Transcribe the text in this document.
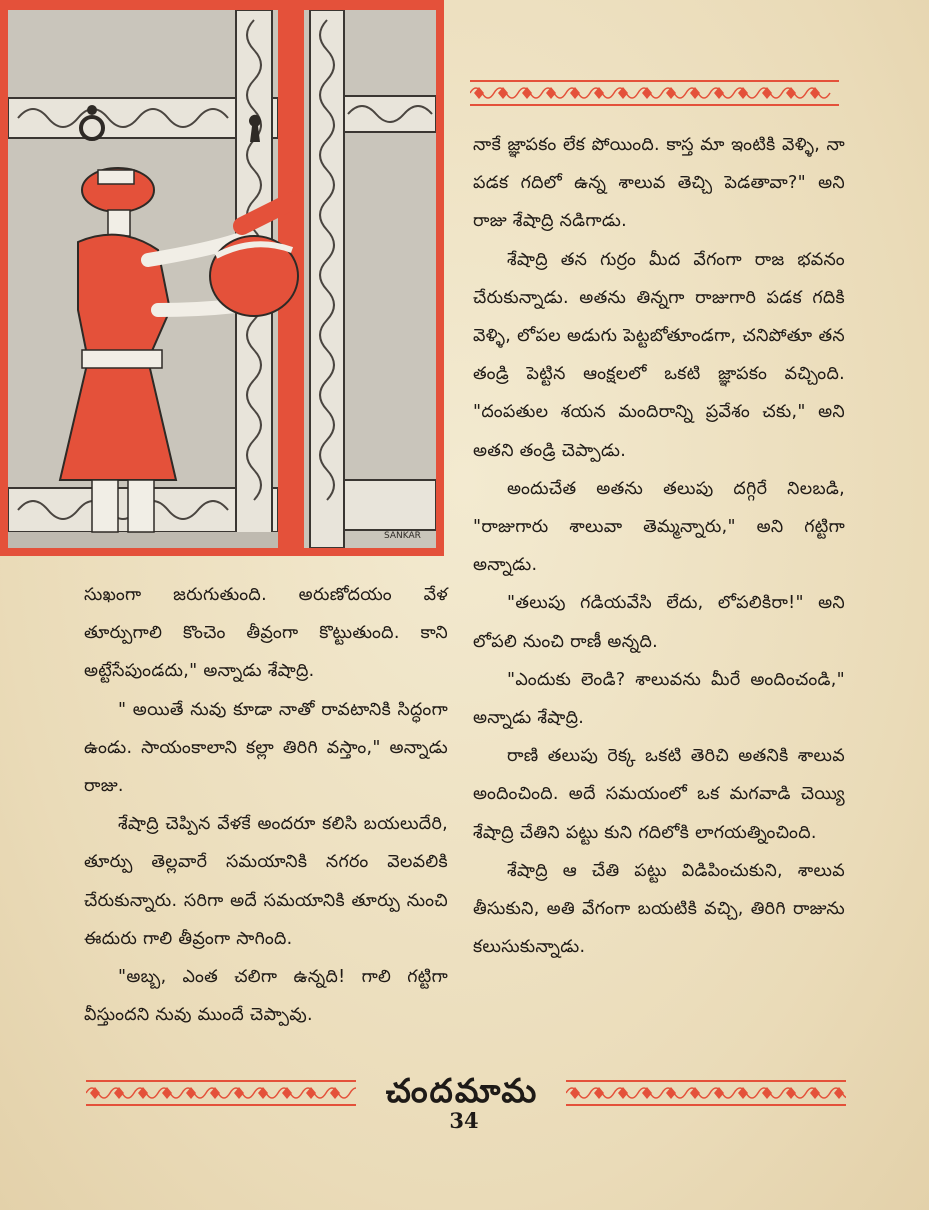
SANKAR

సుఖంగా జరుగుతుంది. అరుణోదయం వేళ తూర్పుగాలి కొంచెం తీవ్రంగా కొట్టుతుంది. కాని అట్టేసేపుండదు," అన్నాడు శేషాద్రి.

" అయితే నువు కూడా నాతో రావటానికి సిద్ధంగా ఉండు. సాయంకాలాని కల్లా తిరిగి వస్తాం," అన్నాడు రాజు.

శేషాద్రి చెప్పిన వేళకే అందరూ కలిసి బయలుదేరి, తూర్పు తెల్లవారే సమయానికి నగరం వెలవలికి చేరుకున్నారు. సరిగా అదే సమయానికి తూర్పు నుంచి ఈదురు గాలి తీవ్రంగా సాగింది.

"అబ్బ, ఎంత చలిగా ఉన్నది! గాలి గట్టిగా వీస్తుందని నువు ముందే చెప్పావు.

నాకే జ్ఞాపకం లేక పోయింది. కాస్త మా ఇంటికి వెళ్ళి, నా పడక గదిలో ఉన్న శాలువ తెచ్చి పెడతావా?" అని రాజు శేషాద్రి నడిగాడు.

శేషాద్రి తన గుర్రం మీద వేగంగా రాజ భవనం చేరుకున్నాడు. అతను తిన్నగా రాజుగారి పడక గదికి వెళ్ళి, లోపల అడుగు పెట్టబోతూండగా, చనిపోతూ తన తండ్రి పెట్టిన ఆంక్షలలో ఒకటి జ్ఞాపకం వచ్చింది. "దంపతుల శయన మందిరాన్ని ప్రవేశం చకు," అని అతని తండ్రి చెప్పాడు.

అందుచేత అతను తలుపు దగ్గిరే నిలబడి, "రాజుగారు శాలువా తెమ్మన్నారు," అని గట్టిగా అన్నాడు.

"తలుపు గడియవేసి లేదు, లోపలికిరా!" అని లోపలి నుంచి రాణీ అన్నది.

"ఎందుకు లెండి? శాలువను మీరే అందించండి," అన్నాడు శేషాద్రి.

రాణి తలుపు రెక్క ఒకటి తెరిచి అతనికి శాలువ అందించింది. అదే సమయంలో ఒక మగవాడి చెయ్యి శేషాద్రి చేతిని పట్టు కుని గదిలోకి లాగయత్నించింది.

శేషాద్రి ఆ చేతి పట్టు విడిపించుకుని, శాలువ తీసుకుని, అతి వేగంగా బయటికి వచ్చి, తిరిగి రాజును కలుసుకున్నాడు.

చందమామ
34
